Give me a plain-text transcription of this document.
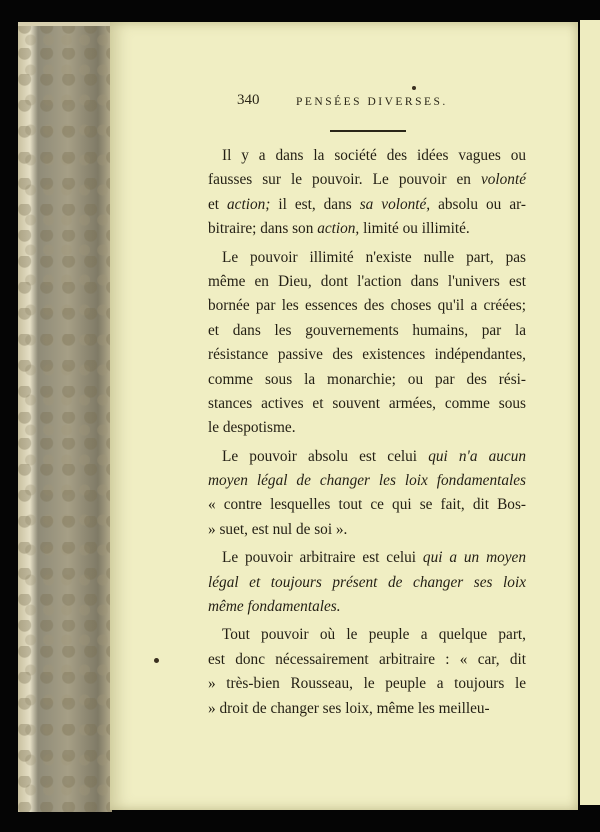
340	PENSÉES DIVERSES.
Il y a dans la société des idées vagues ou
fausses sur le pouvoir. Le pouvoir en volonté
et action; il est, dans sa volonté, absolu ou ar-
bitraire; dans son action, limité ou illimité.
Le pouvoir illimité n'existe nulle part, pas
même en Dieu, dont l'action dans l'univers est
bornée par les essences des choses qu'il a créées;
et dans les gouvernements humains, par la
résistance passive des existences indépendantes,
comme sous la monarchie; ou par des rési-
stances actives et souvent armées, comme sous
le despotisme.
Le pouvoir absolu est celui qui n'a aucun
moyen légal de changer les loix fondamentales
« contre lesquelles tout ce qui se fait, dit Bos-
» suet, est nul de soi ».
Le pouvoir arbitraire est celui qui a un moyen
légal et toujours présent de changer ses loix
même fondamentales.
Tout pouvoir où le peuple a quelque part,
est donc nécessairement arbitraire : « car, dit
» très-bien Rousseau, le peuple a toujours le
» droit de changer ses loix, même les meilleu-
